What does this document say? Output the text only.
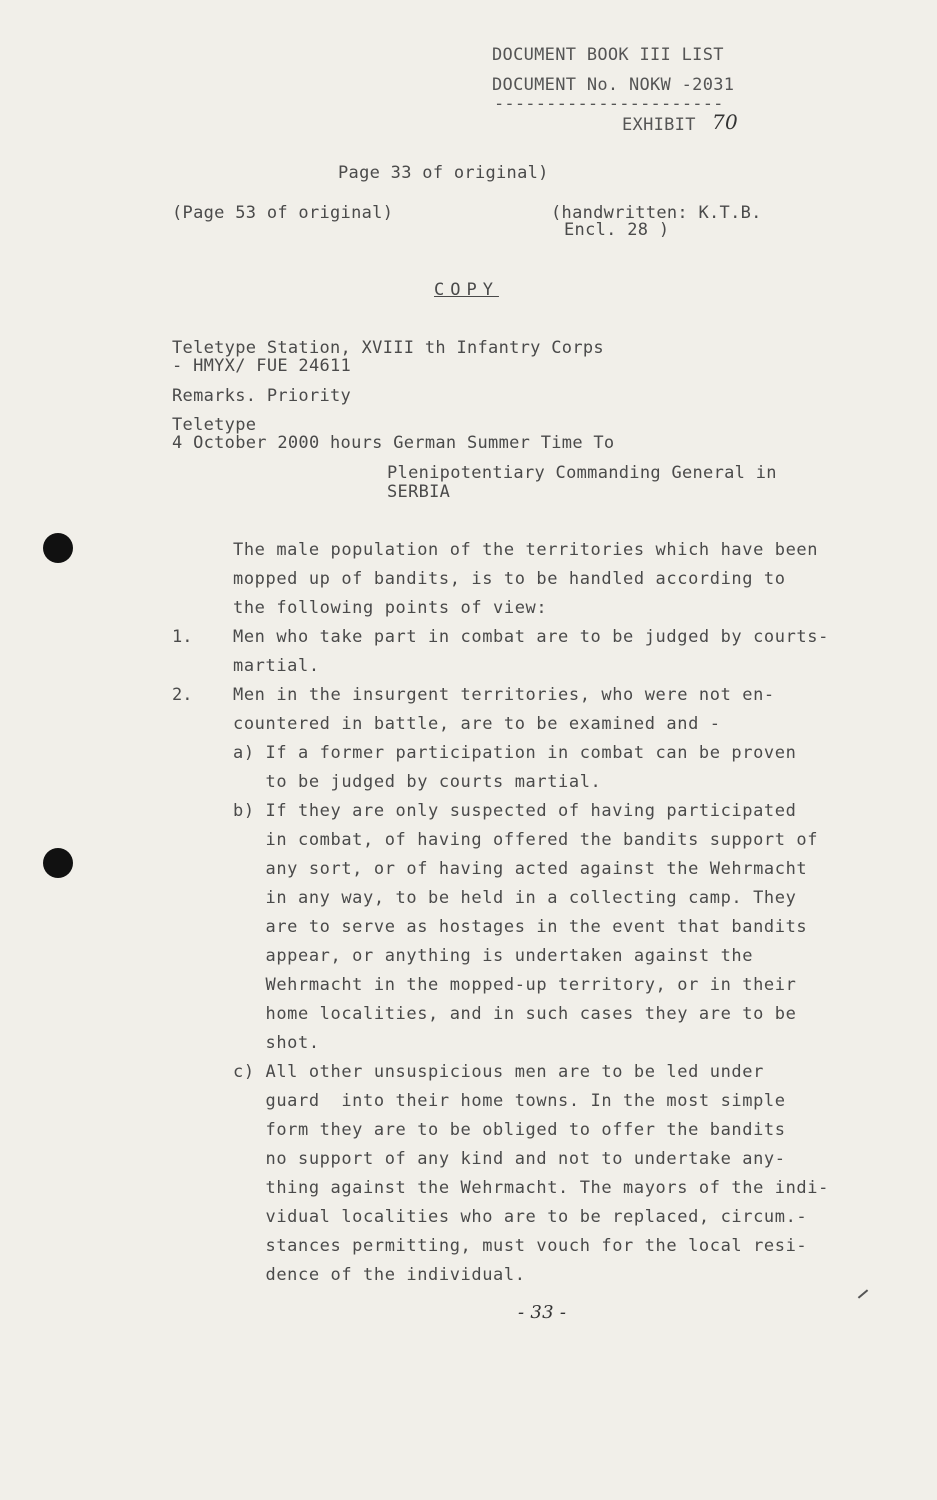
DOCUMENT BOOK III LIST
DOCUMENT No. NOKW -2031
----------------------
EXHIBIT 70
Page 33 of original)
(Page 53 of original)	(handwritten: K.T.B.
Encl. 28 )
COPY
Teletype Station, XVIII th Infantry Corps
- HMYX/ FUE 24611
Remarks. Priority
Teletype
4 October 2000 hours German Summer Time To
Plenipotentiary Commanding General in
SERBIA
The male population of the territories which have been
mopped up of bandits, is to be handled according to
the following points of view:
1. Men who take part in combat are to be judged by courts-
martial.
2. Men in the insurgent territories, who were not en-
countered in battle, are to be examined and -
a) If a former participation in combat can be proven
to be judged by courts martial.
b) If they are only suspected of having participated
in combat, of having offered the bandits support of
any sort, or of having acted against the Wehrmacht
in any way, to be held in a collecting camp. They
are to serve as hostages in the event that bandits
appear, or anything is undertaken against the
Wehrmacht in the mopped-up territory, or in their
home localities, and in such cases they are to be
shot.
c) All other unsuspicious men are to be led under
guard  into their home towns. In the most simple
form they are to be obliged to offer the bandits
no support of any kind and not to undertake any-
thing against the Wehrmacht. The mayors of the indi-
vidual localities who are to be replaced, circum.-
stances permitting, must vouch for the local resi-
dence of the individual.
- 33 -
